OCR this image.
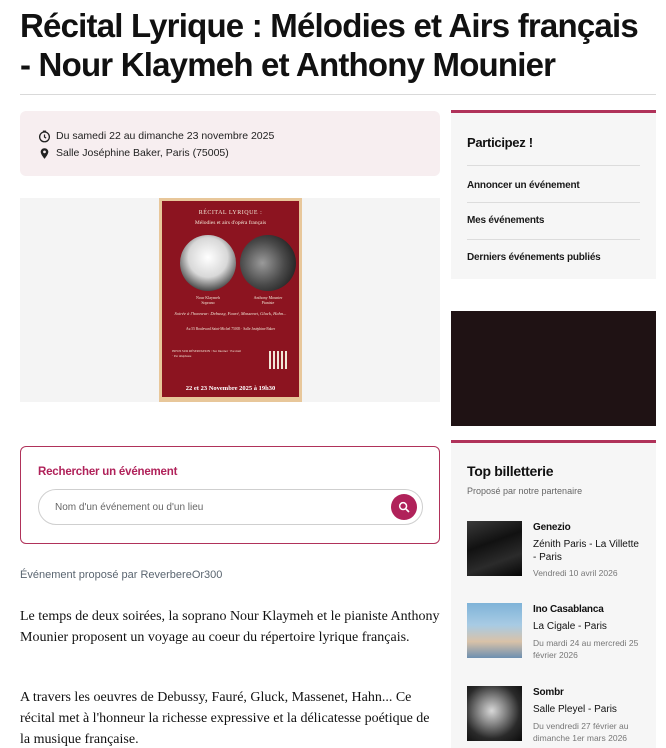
Récital Lyrique : Mélodies et Airs français - Nour Klaymeh et Anthony Mounier
Du samedi 22 au dimanche 23 novembre 2025
Salle Joséphine Baker, Paris (75005)
RÉCITAL LYRIQUE :
Mélodies et airs d'opéra français
Nour Klaymeh
Soprano
Anthony Mounier
Pianiste
Soirée à l'honneur: Debussy, Fauré, Massenet, Gluck, Hahn...
Au 55 Boulevard Saint-Michel 75005 · Salle Joséphine Baker
INFOS SUR RÉSERVATION : Sur Internet · Par mail · Par téléphone
22 et 23 Novembre 2025 à 19h30
Rechercher un événement
Nom d'un événement ou d'un lieu
Événement proposé par ReverbereOr300

Le temps de deux soirées, la soprano Nour Klaymeh et le pianiste Anthony Mounier proposent un voyage au coeur du répertoire lyrique français.

A travers les oeuvres de Debussy, Fauré, Gluck, Massenet, Hahn... Ce récital met à l'honneur la richesse expressive et la délicatesse poétique de la musique française.

Participez !
Annoncer un événement
Mes événements
Derniers événements publiés
Top billetterie
Proposé par notre partenaire
Genezio
Zénith Paris - La Villette - Paris
Vendredi 10 avril 2026
Ino Casablanca
La Cigale - Paris
Du mardi 24 au mercredi 25 février 2026
Sombr
Salle Pleyel - Paris
Du vendredi 27 février au dimanche 1er mars 2026
